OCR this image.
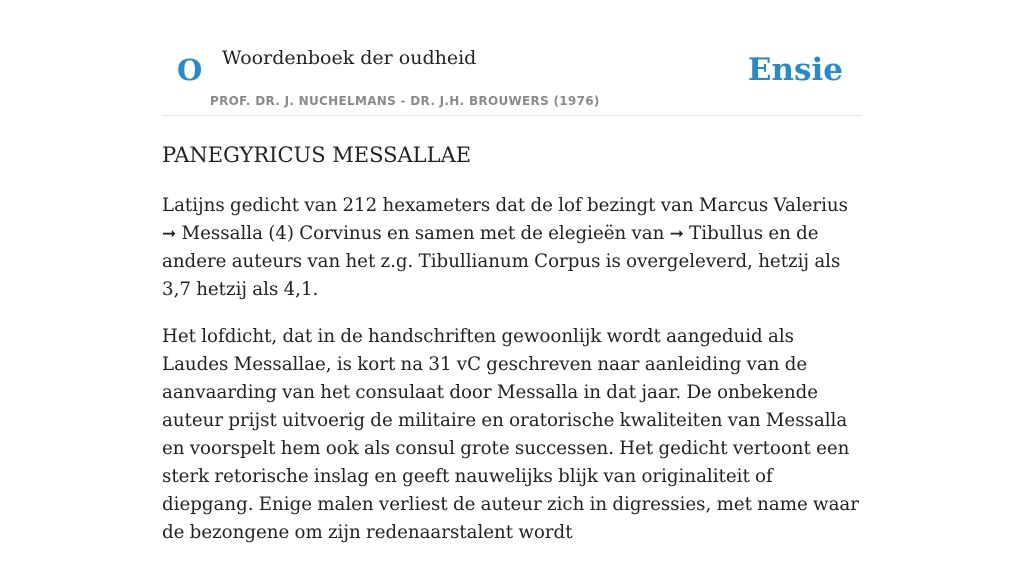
O Woordenboek der oudheid	Ensie
PROF. DR. J. NUCHELMANS - DR. J.H. BROUWERS (1976)
PANEGYRICUS MESSALLAE

Latijns gedicht van 212 hexameters dat de lof bezingt van Marcus Valerius ➞ Messalla (4) Corvinus en samen met de elegieën van ➞ Tibullus en de andere auteurs van het z.g. Tibullianum Corpus is overgeleverd, hetzij als 3,7 hetzij als 4,1.

Het lofdicht, dat in de handschriften gewoonlijk wordt aangeduid als Laudes Messallae, is kort na 31 vC geschreven naar aanleiding van de aanvaarding van het consulaat door Messalla in dat jaar. De onbekende auteur prijst uitvoerig de militaire en oratorische kwaliteiten van Messalla en voorspelt hem ook als consul grote successen. Het gedicht vertoont een sterk retorische inslag en geeft nauwelijks blijk van originaliteit of diepgang. Enige malen verliest de auteur zich in digressies, met name waar de bezongene om zijn redenaarstalent wordt
